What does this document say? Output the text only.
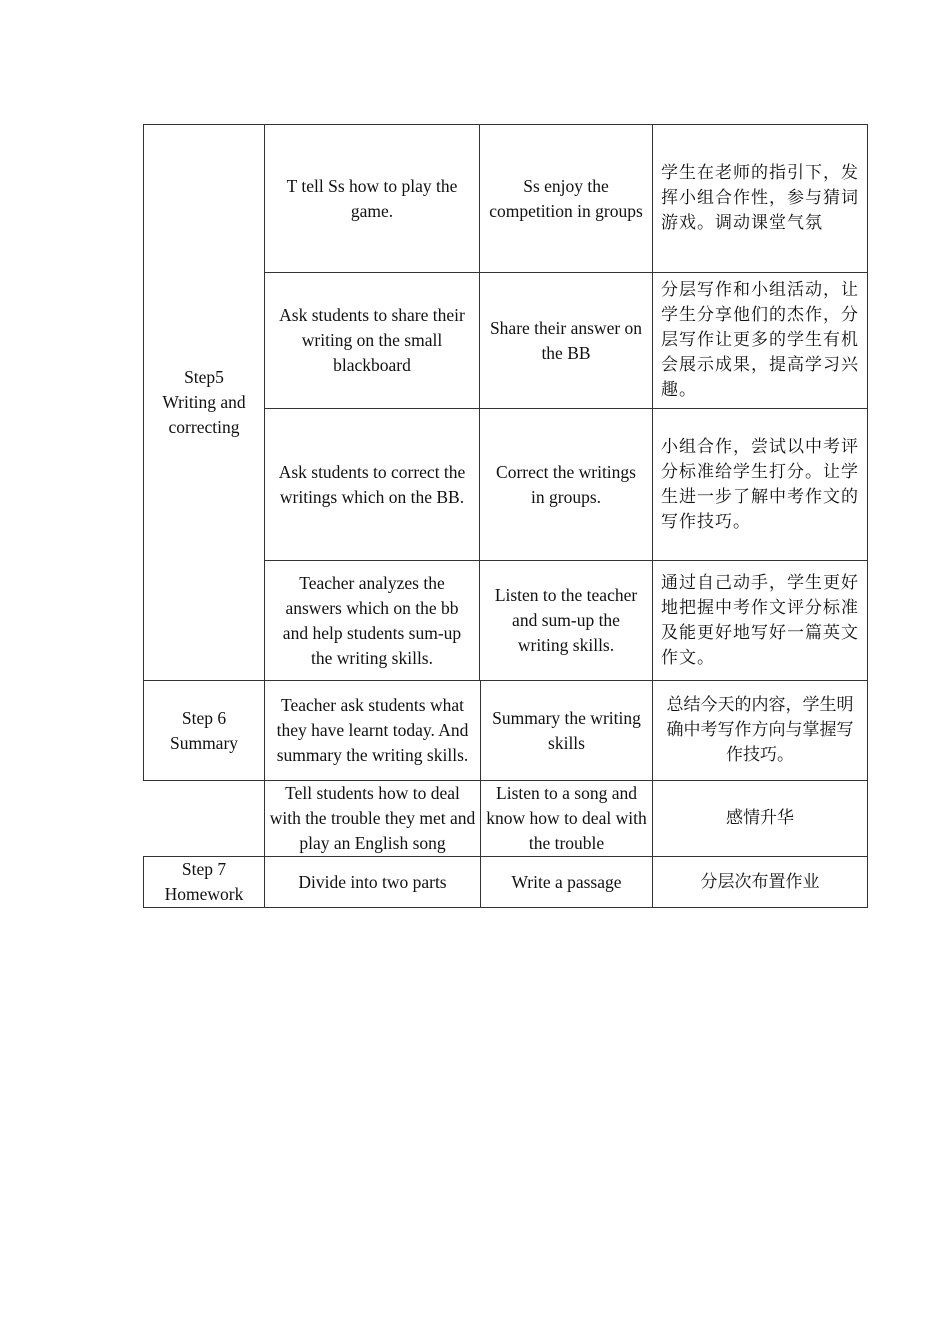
Step5
Writing and correcting
T tell Ss how to play the game.
Ss enjoy the competition in groups
学生在老师的指引下，发挥小组合作性，参与猜词游戏。调动课堂气氛
Ask students to share their writing on the small blackboard
Share their answer on the BB
分层写作和小组活动，让学生分享他们的杰作，分层写作让更多的学生有机会展示成果，提高学习兴趣。
Ask students to correct the writings which on the BB.
Correct the writings in groups.
小组合作，尝试以中考评分标准给学生打分。让学生进一步了解中考作文的写作技巧。
Teacher analyzes the answers which on the bb and help students sum-up the writing skills.
Listen to the teacher and sum-up the writing skills.
通过自己动手，学生更好地把握中考作文评分标准及能更好地写好一篇英文作文。
Step 6
Summary
Teacher ask students what they have learnt today. And summary the writing skills.
Summary the writing skills
总结今天的内容，学生明确中考写作方向与掌握写作技巧。
Tell students how to deal with the trouble they met and play an English song
Listen to a song and know how to deal with the trouble
感情升华
Step 7
Homework
Divide into two parts	Write a passage	分层次布置作业
